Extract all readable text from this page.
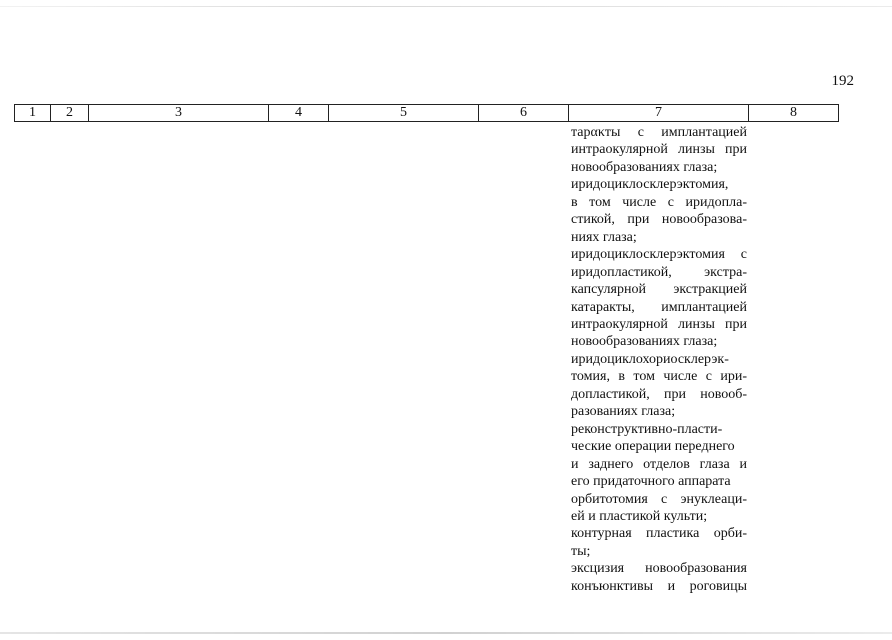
192
1	2	3	4	5	6	7	8
тарακты с имплантацией
интраокулярной линзы при
новообразованиях глаза;
иридоциклосклерэктомия,
в том числе с иридопла-
стикой, при новообразова-
ниях глаза;
иридоциклосклерэктомия с
иридопластикой, экстра-
капсулярной экстракцией
катаракты, имплантацией
интраокулярной линзы при
новообразованиях глаза;
иридоциклохориосклерэк-
томия, в том числе с ири-
допластикой, при новооб-
разованиях глаза;
реконструктивно-пласти-
ческие операции переднего
и заднего отделов глаза и
его придаточного аппарата
орбитотомия с энуклеаци-
ей и пластикой культи;
контурная пластика орби-
ты;
эксцизия новообразования
конъюнктивы и роговицы
